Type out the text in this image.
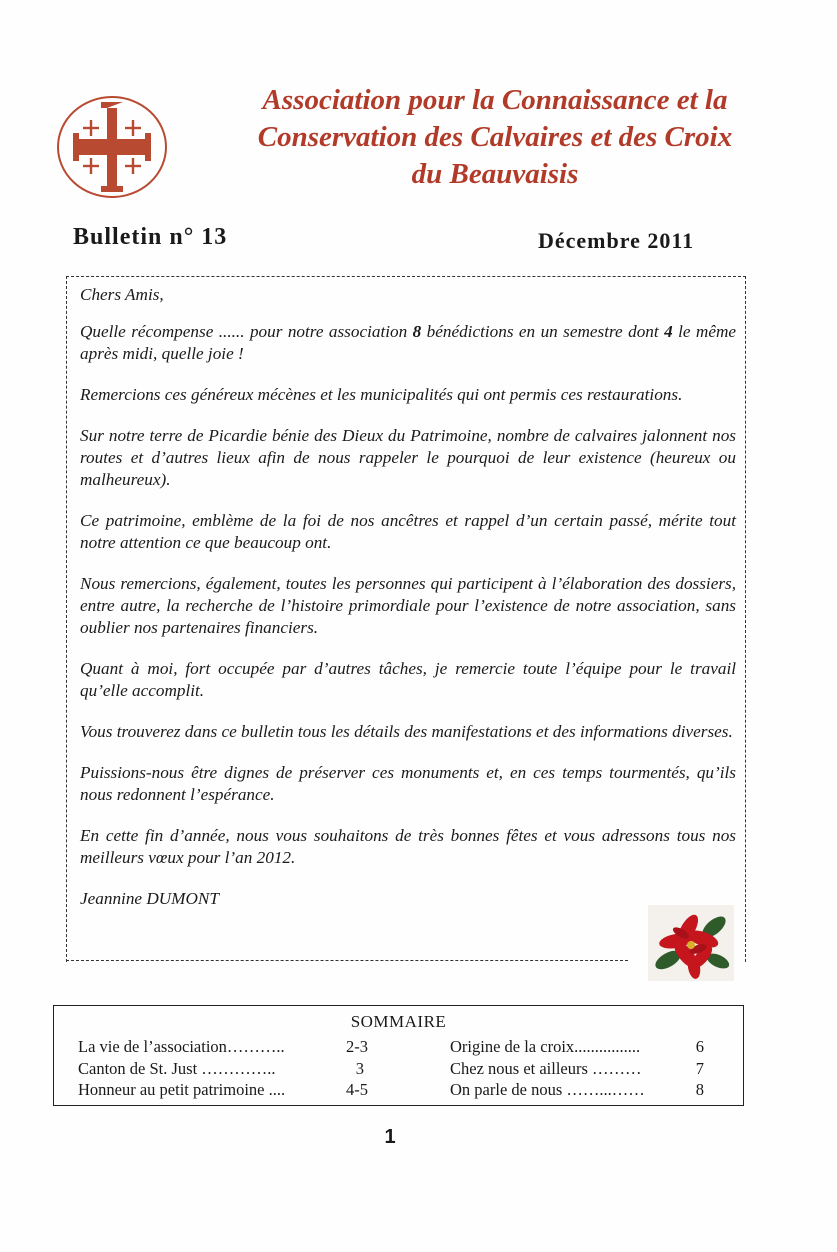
Association pour la Connaissance et la
Conservation des Calvaires et des Croix
du Beauvaisis
Bulletin n° 13	Décembre 2011

Chers Amis,

Quelle récompense ...... pour notre association 8 bénédictions en un semestre dont 4 le même après midi, quelle joie !

Remercions ces généreux mécènes et les municipalités qui ont permis ces restaurations.

Sur notre terre de Picardie bénie des Dieux du Patrimoine, nombre de calvaires jalonnent nos routes et d’autres lieux afin de nous rappeler le pourquoi de leur existence (heureux ou malheureux).

Ce patrimoine, emblème de la foi de nos ancêtres et rappel d’un certain passé, mérite tout notre attention ce que beaucoup ont.

Nous remercions, également, toutes les personnes qui participent à l’élaboration des dossiers, entre autre, la recherche de l’histoire primordiale pour l’existence de notre association, sans oublier nos partenaires financiers.

Quant à moi, fort occupée par d’autres tâches, je remercie toute l’équipe pour le travail qu’elle accomplit.

Vous trouverez dans ce bulletin tous les détails des manifestations et des informations diverses.

Puissions-nous être dignes de préserver ces monuments et, en ces temps tourmentés, qu’ils nous redonnent l’espérance.

En cette fin d’année, nous vous souhaitons de très bonnes fêtes et vous adressons tous nos meilleurs vœux pour l’an 2012.

Jeannine DUMONT

SOMMAIRE
La vie de l’association………..	2-3
Canton de St. Just …………..	3
Honneur au petit patrimoine ....	4-5
Origine de la croix................	6
Chez nous et ailleurs ………	7
On parle de nous ……...……	8
1
